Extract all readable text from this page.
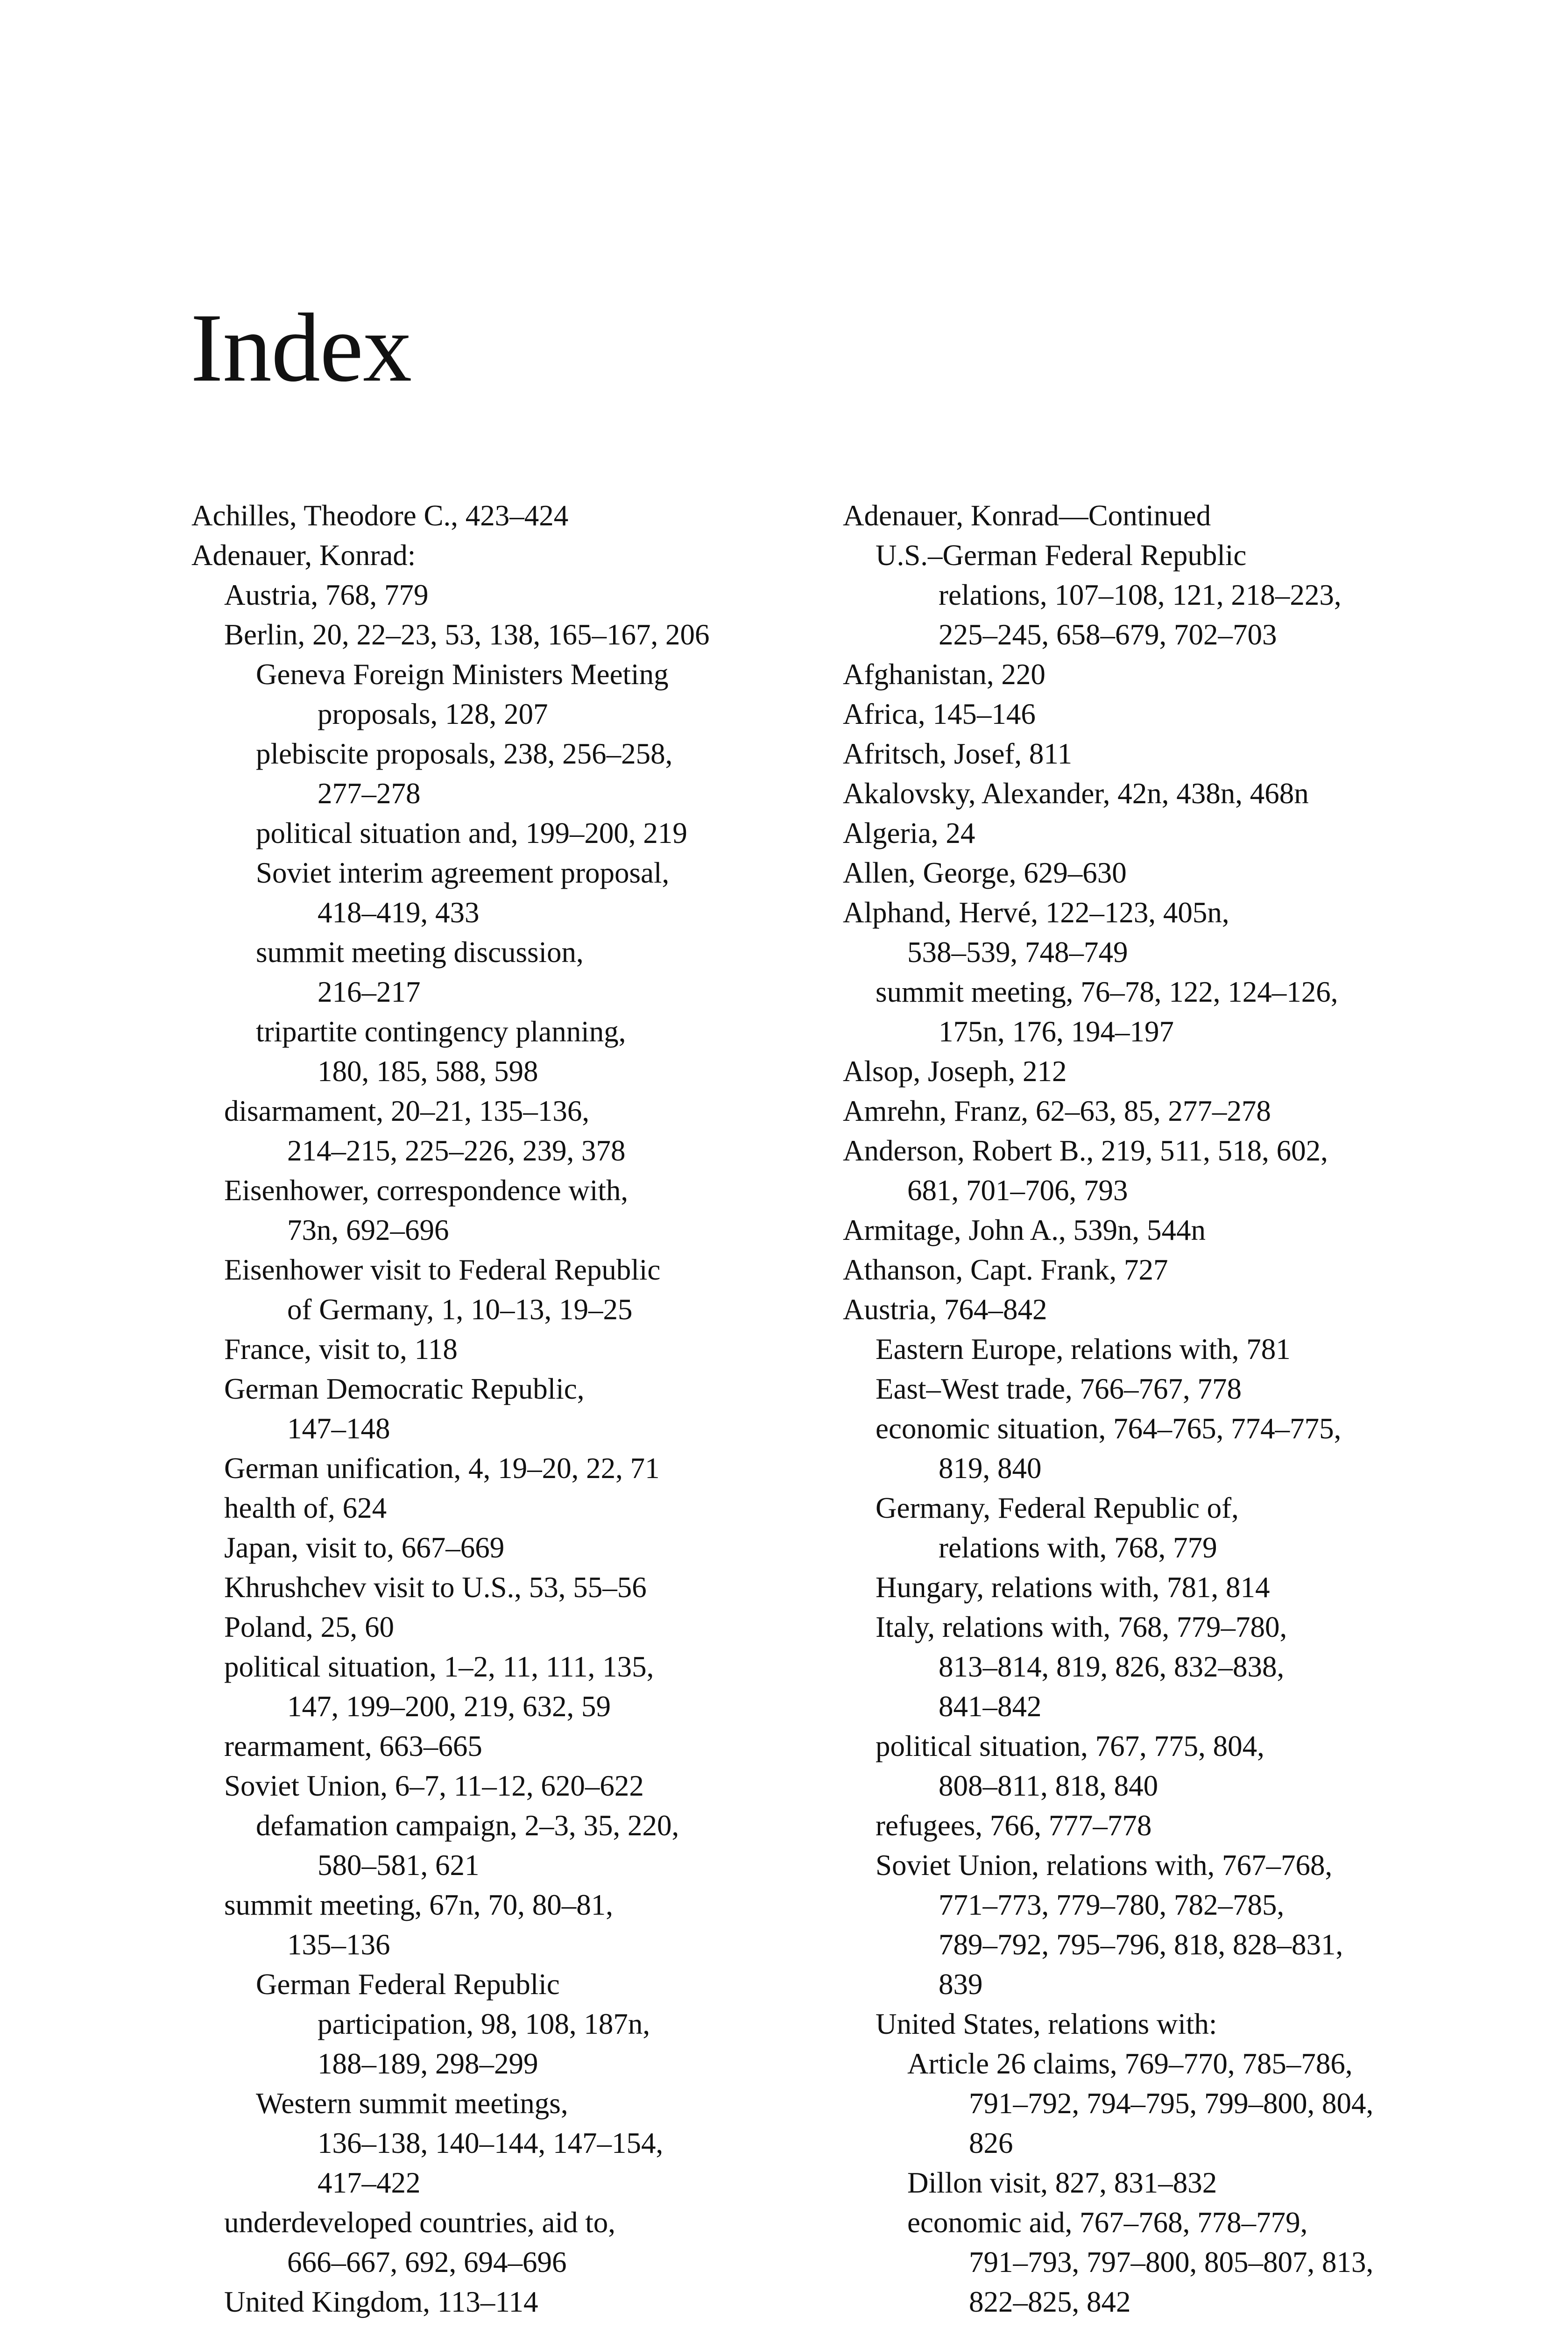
Index
Achilles, Theodore C., 423–424
Adenauer, Konrad:
Austria, 768, 779
Berlin, 20, 22–23, 53, 138, 165–167, 206
Geneva Foreign Ministers Meeting
proposals, 128, 207
plebiscite proposals, 238, 256–258,
277–278
political situation and, 199–200, 219
Soviet interim agreement proposal,
418–419, 433
summit meeting discussion,
216–217
tripartite contingency planning,
180, 185, 588, 598
disarmament, 20–21, 135–136,
214–215, 225–226, 239, 378
Eisenhower, correspondence with,
73n, 692–696
Eisenhower visit to Federal Republic
of Germany, 1, 10–13, 19–25
France, visit to, 118
German Democratic Republic,
147–148
German unification, 4, 19–20, 22, 71
health of, 624
Japan, visit to, 667–669
Khrushchev visit to U.S., 53, 55–56
Poland, 25, 60
political situation, 1–2, 11, 111, 135,
147, 199–200, 219, 632, 59
rearmament, 663–665
Soviet Union, 6–7, 11–12, 620–622
defamation campaign, 2–3, 35, 220,
580–581, 621
summit meeting, 67n, 70, 80–81,
135–136
German Federal Republic
participation, 98, 108, 187n,
188–189, 298–299
Western summit meetings,
136–138, 140–144, 147–154,
417–422
underdeveloped countries, aid to,
666–667, 692, 694–696
United Kingdom, 113–114
Adenauer, Konrad—Continued
U.S.–German Federal Republic
relations, 107–108, 121, 218–223,
225–245, 658–679, 702–703
Afghanistan, 220
Africa, 145–146
Afritsch, Josef, 811
Akalovsky, Alexander, 42n, 438n, 468n
Algeria, 24
Allen, George, 629–630
Alphand, Hervé, 122–123, 405n,
538–539, 748–749
summit meeting, 76–78, 122, 124–126,
175n, 176, 194–197
Alsop, Joseph, 212
Amrehn, Franz, 62–63, 85, 277–278
Anderson, Robert B., 219, 511, 518, 602,
681, 701–706, 793
Armitage, John A., 539n, 544n
Athanson, Capt. Frank, 727
Austria, 764–842
Eastern Europe, relations with, 781
East–West trade, 766–767, 778
economic situation, 764–765, 774–775,
819, 840
Germany, Federal Republic of,
relations with, 768, 779
Hungary, relations with, 781, 814
Italy, relations with, 768, 779–780,
813–814, 819, 826, 832–838,
841–842
political situation, 767, 775, 804,
808–811, 818, 840
refugees, 766, 777–778
Soviet Union, relations with, 767–768,
771–773, 779–780, 782–785,
789–792, 795–796, 818, 828–831,
839
United States, relations with:
Article 26 claims, 769–770, 785–786,
791–792, 794–795, 799–800, 804,
826
Dillon visit, 827, 831–832
economic aid, 767–768, 778–779,
791–793, 797–800, 805–807, 813,
822–825, 842
